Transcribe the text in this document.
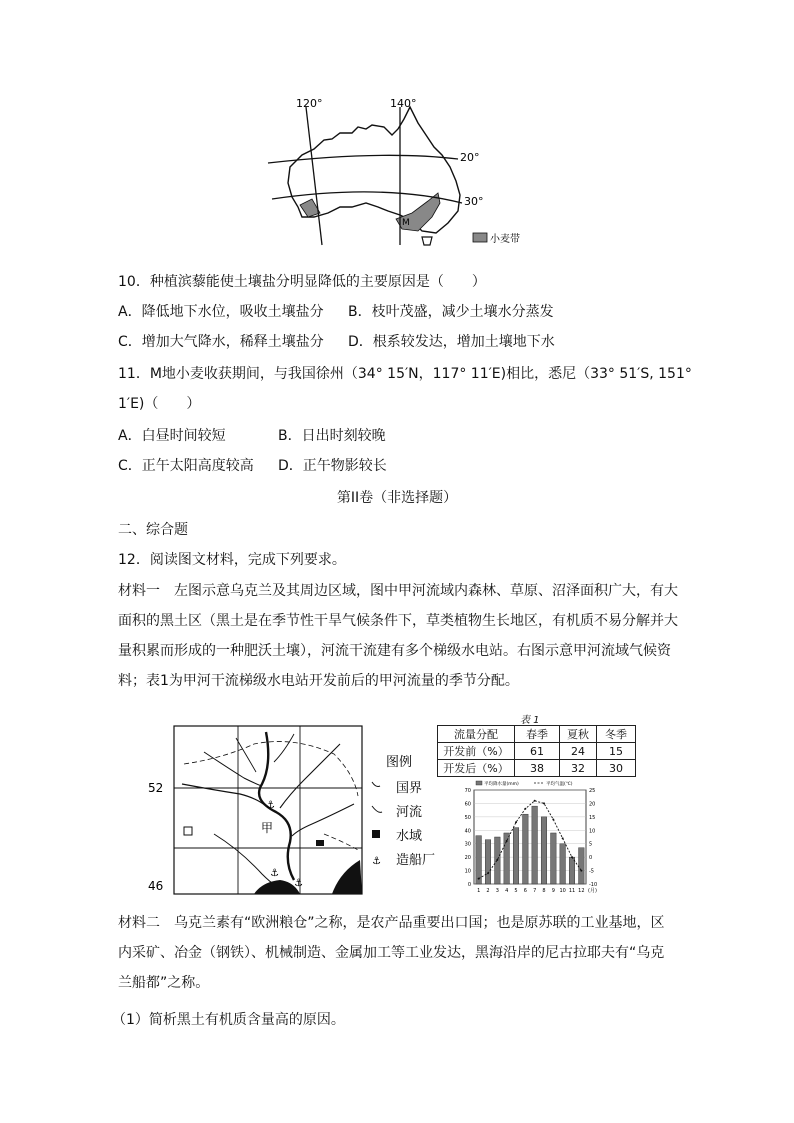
120°	140°
20°
30°
M
小麦带
10．种植滨藜能使土壤盐分明显降低的主要原因是（　　）
A．降低地下水位，吸收土壤盐分 B．枝叶茂盛，减少土壤水分蒸发
C．增加大气降水，稀释土壤盐分 D．根系较发达，增加土壤地下水
11．M地小麦收获期间，与我国徐州（34° 15′N，117° 11′E)相比，悉尼（33° 51′S, 151°
1′E)（　　）
A．白昼时间较短	B．日出时刻较晚
C．正午太阳高度较高 D．正午物影较长
第II卷（非选择题）
二、综合题
12．阅读图文材料，完成下列要求。
材料一　左图示意乌克兰及其周边区域，图中甲河流域内森林、草原、沼泽面积广大，有大面积的黑土区（黑土是在季节性干旱气候条件下，草类植物生长地区，有机质不易分解并大量积累而形成的一种肥沃土壤），河流干流建有多个梯级水电站。右图示意甲河流域气候资料；表1为甲河干流梯级水电站开发前后的甲河流量的季节分配。
甲
⚓
⚓
⚓
52
46
图例
国界
河流
水域
⚓ 造船厂
表 1
流量分配	春季	夏秋	冬季
开发前（%）	61	24	15
开发后（%）	38	32	30
70
60
50
40
30
20
10
0
25
20
15
10
5
0
-5
-10
1 2 3 4 5 6 7 8 9 10 11 12 (月)
平均降水量(mm)	平均气温(℃)
材料二　乌克兰素有“欧洲粮仓”之称，是农产品重要出口国；也是原苏联的工业基地，区内采矿、冶金（钢铁）、机械制造、金属加工等工业发达，黑海沿岸的尼古拉耶夫有“乌克兰船都”之称。
（1）简析黑土有机质含量高的原因。
